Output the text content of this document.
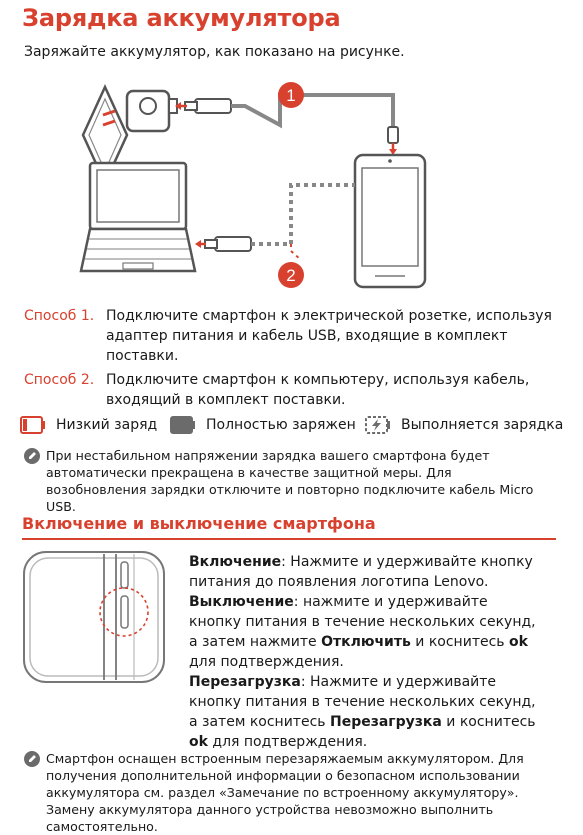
Зарядка аккумулятора
Заряжайте аккумулятор, как показано на рисунке.
1
2
Способ 1. Подключите смартфон к электрической розетке, используя адаптер питания и кабель USB, входящие в комплект поставки.
Способ 2. Подключите смартфон к компьютеру, используя кабель, входящий в комплект поставки.
Низкий заряд	Полностью заряжен	Выполняется зарядка
При нестабильном напряжении зарядка вашего смартфона будет автоматически прекращена в качестве защитной меры. Для возобновления зарядки отключите и повторно подключите кабель Micro USB.
Включение и выключение смартфона

Включение: Нажмите и удерживайте кнопку питания до появления логотипа Lenovo.

Выключение: нажмите и удерживайте кнопку питания в течение нескольких секунд, а затем нажмите Отключить и коснитесь ok для подтверждения.

Перезагрузка: Нажмите и удерживайте кнопку питания в течение нескольких секунд, а затем коснитесь Перезагрузка и коснитесь ok для подтверждения.

Смартфон оснащен встроенным перезаряжаемым аккумулятором. Для получения дополнительной информации о безопасном использовании аккумулятора см. раздел «Замечание по встроенному аккумулятору». Замену аккумулятора данного устройства невозможно выполнить самостоятельно.
